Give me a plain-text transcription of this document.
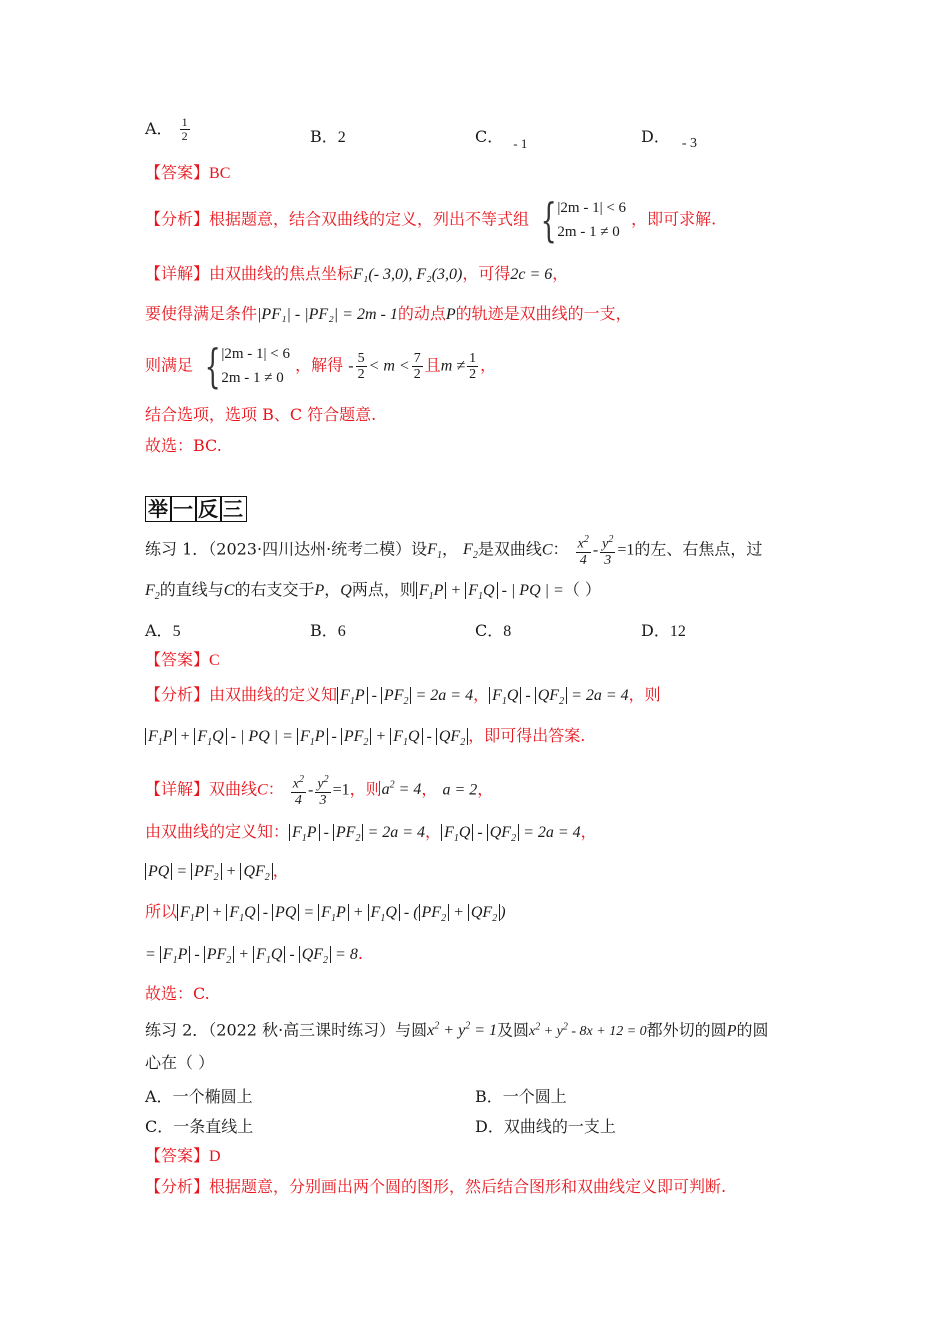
A． $\frac{1}{2}$	B．2	C． $_{- 1}$	D． - 3
【答案】BC
【分析】根据题意，结合双曲线的定义，列出不等式组 { |2m - 1| < 6
2m - 1 ≠ 0
，即可求解.
【详解】由双曲线的焦点坐标F₁(- 3,0), F₂(3,0)，可得2c = 6，
要使得满足条件|PF₁| - |PF₂| = 2m - 1的动点P的轨迹是双曲线的一支，
则满足 { |2m - 1| < 6
2m - 1 ≠ 0
，解得 - $\frac{5}{2} < m < \frac{7}{2}$ 且$m \ne \frac{1}{2}$ ，
结合选项，选项 B、C 符合题意.
故选：BC.
举 一 反 三
练习 1．（2023·四川达州·统考二模）设$F_1$， $F_2$是双曲线C： $\frac{x^2}{4} - \frac{y^2}{3} =1$的左、右焦点，过
$F_2$的直线与C的右支交于P，Q两点，则 $F_1P + F_1Q$ - | PQ | =（ ）
A．5	B．6	C．8	D．12
【答案】C
【分析】由双曲线的定义知 $F_1P - PF_2 = 2a = 4$， $F_1Q - QF_2 = 2a = 4$，则
$F_1P + F_1Q$ - | PQ | = $F_1P - PF_2 + F_1Q - QF_2$ ，即可得出答案.
【详解】双曲线C： $\frac{x^2}{4} - \frac{y^2}{3} =1$，则$a^2 = 4$， a = 2，
由双曲线的定义知： $F_1P - PF_2 = 2a = 4$， $F_1Q - QF_2 = 2a = 4$，
PQ = $PF_2 + QF_2$ ，
所以 $F_1P + F_1Q$ - PQ = $F_1P + F_1Q$ - ( $PF_2 + QF_2$ )
= $F_1P - PF_2 + F_1Q - QF_2 = 8$.
故选：C.
练习 2．（2022 秋·高三课时练习）与圆$x^2 + y^2 = 1$及圆$x^2 + y^2 - 8x + 12 = 0$都外切的圆P的圆
心在（ ）
A．一个椭圆上	B．一个圆上
C．一条直线上	D．双曲线的一支上
【答案】D
【分析】根据题意，分别画出两个圆的图形，然后结合图形和双曲线定义即可判断.
